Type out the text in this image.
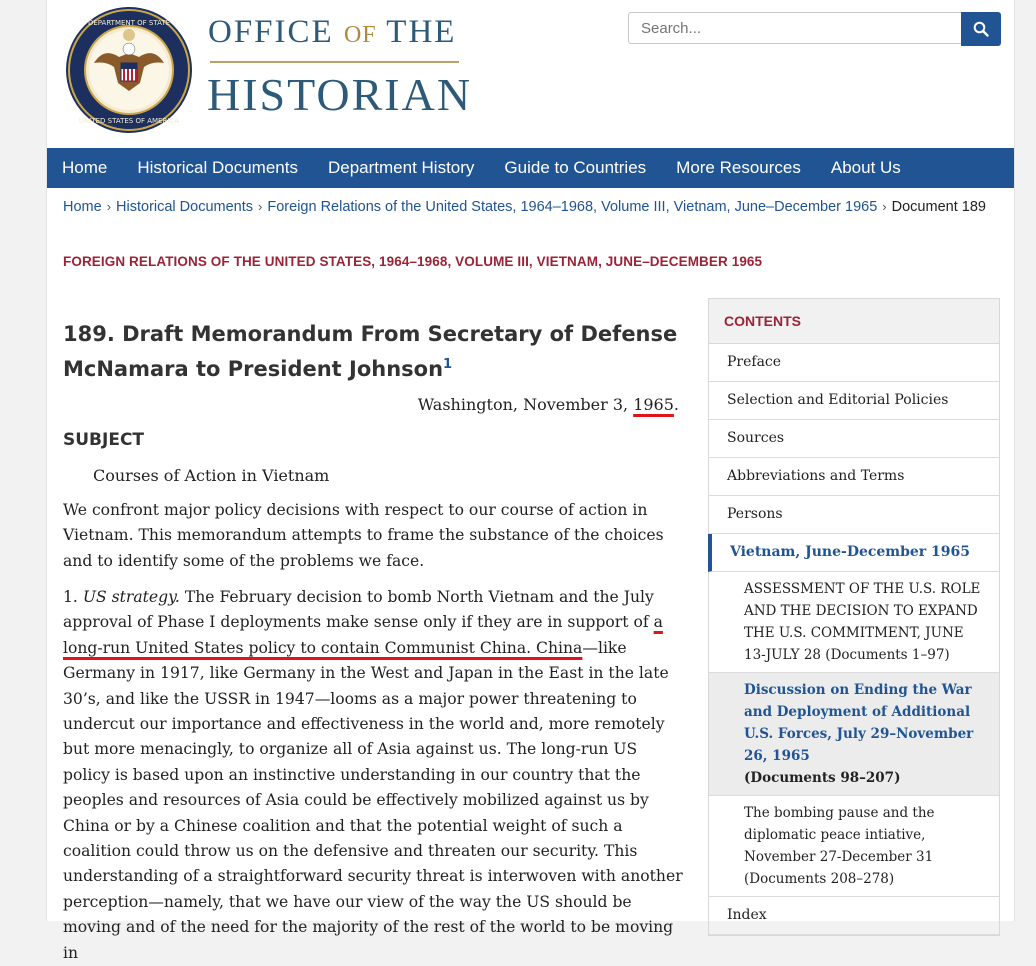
DEPARTMENT OF STATE
UNITED STATES OF AMERICA
OFFICE OF THE
HISTORIAN
Search...
Home	Historical Documents	Department History	Guide to Countries	More Resources	About Us
Home › Historical Documents › Foreign Relations of the United States, 1964–1968, Volume III, Vietnam, June–December 1965 › Document 189
FOREIGN RELATIONS OF THE UNITED STATES, 1964–1968, VOLUME III, VIETNAM, JUNE–DECEMBER 1965
189. Draft Memorandum From Secretary of Defense McNamara to President Johnson$^1$
Washington, November 3, 1965.
SUBJECT
Courses of Action in Vietnam
We confront major policy decisions with respect to our course of action in Vietnam. This memorandum attempts to frame the substance of the choices and to identify some of the problems we face.
1. US strategy. The February decision to bomb North Vietnam and the July approval of Phase I deployments make sense only if they are in support of a long-run United States policy to contain Communist China. China—like Germany in 1917, like Germany in the West and Japan in the East in the late 30’s, and like the USSR in 1947—looms as a major power threatening to undercut our importance and effectiveness in the world and, more remotely but more menacingly, to organize all of Asia against us. The long-run US policy is based upon an instinctive understanding in our country that the peoples and resources of Asia could be effectively mobilized against us by China or by a Chinese coalition and that the potential weight of such a coalition could throw us on the defensive and threaten our security. This understanding of a straightforward security threat is interwoven with another perception—namely, that we have our view of the way the US should be moving and of the need for the majority of the rest of the world to be moving in
CONTENTS
Preface
Selection and Editorial Policies
Sources
Abbreviations and Terms
Persons
Vietnam, June-December 1965
ASSESSMENT OF THE U.S. ROLE AND THE DECISION TO EXPAND THE U.S. COMMITMENT, JUNE 13-JULY 28 (Documents 1–97)
Discussion on Ending the War and Deployment of Additional U.S. Forces, July 29–November 26, 1965
(Documents 98–207)
The bombing pause and the diplomatic peace intiative, November 27-December 31 (Documents 208–278)
Index
